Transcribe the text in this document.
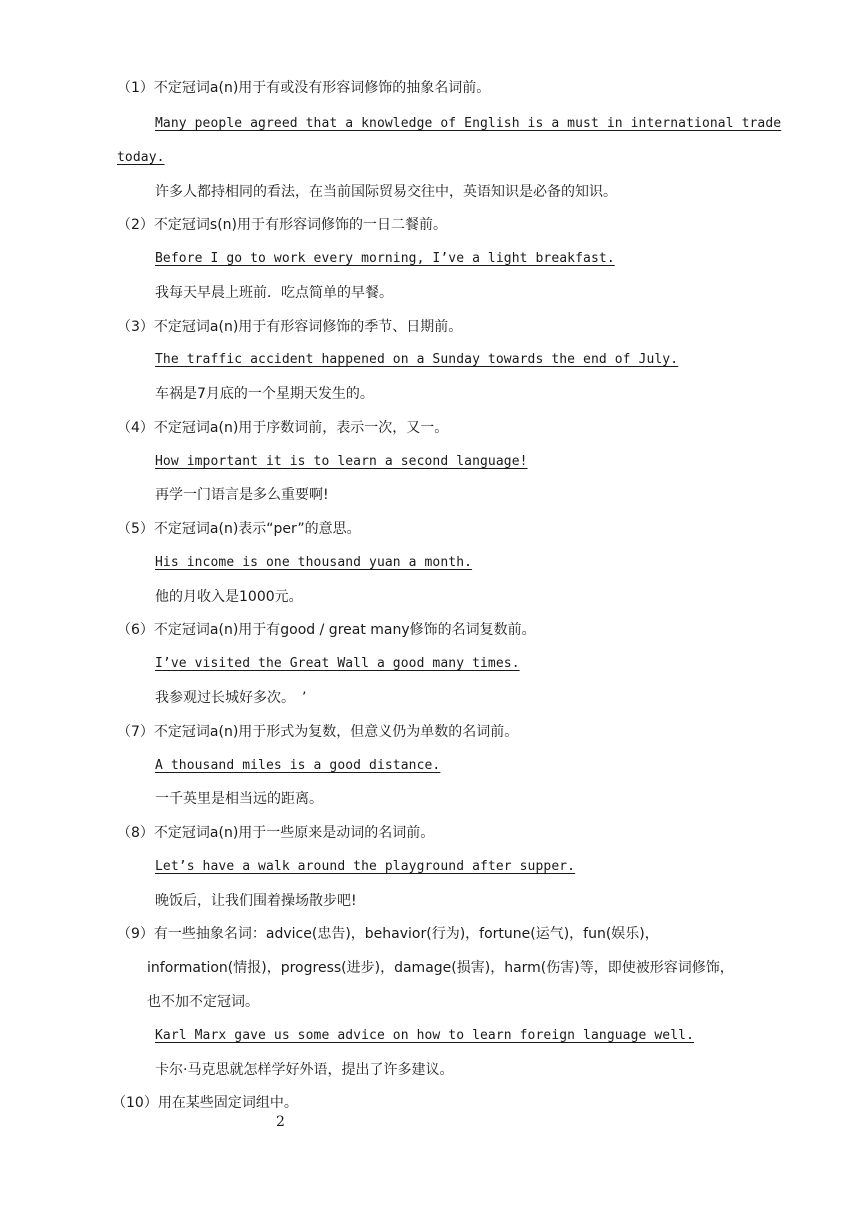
（1）不定冠词a(n)用于有或没有形容词修饰的抽象名词前。
Many people agreed that a knowledge of English is a must in international trade
today.
许多人都持相同的看法，在当前国际贸易交往中，英语知识是必备的知识。
（2）不定冠词s(n)用于有形容词修饰的一日二餐前。
Before I go to work every morning, I’ve a light breakfast.
我每天早晨上班前．吃点简单的早餐。
（3）不定冠词a(n)用于有形容词修饰的季节、日期前。
The traffic accident happened on a Sunday towards the end of July.
车祸是7月底的一个星期天发生的。
（4）不定冠词a(n)用于序数词前，表示一次，又一。
How important it is to learn a second language!
再学一门语言是多么重要啊!
（5）不定冠词a(n)表示“per”的意思。
His income is one thousand yuan a month.
他的月收入是1000元。
（6）不定冠词a(n)用于有good / great many修饰的名词复数前。
I’ve visited the Great Wall a good many times.
我参观过长城好多次。　’
（7）不定冠词a(n)用于形式为复数，但意义仍为单数的名词前。
A thousand miles is a good distance.
一千英里是相当远的距离。
（8）不定冠词a(n)用于一些原来是动词的名词前。
Let’s have a walk around the playground after supper.
晚饭后，让我们围着操场散步吧!
（9）有一些抽象名词：advice(忠告)，behavior(行为)，fortune(运气)，fun(娱乐)，
information(情报)，progress(进步)，damage(损害)，harm(伤害)等，即使被形容词修饰，
也不加不定冠词。
Karl Marx gave us some advice on how to learn foreign language well.
卡尔·马克思就怎样学好外语，提出了许多建议。
（10）用在某些固定词组中。
2
